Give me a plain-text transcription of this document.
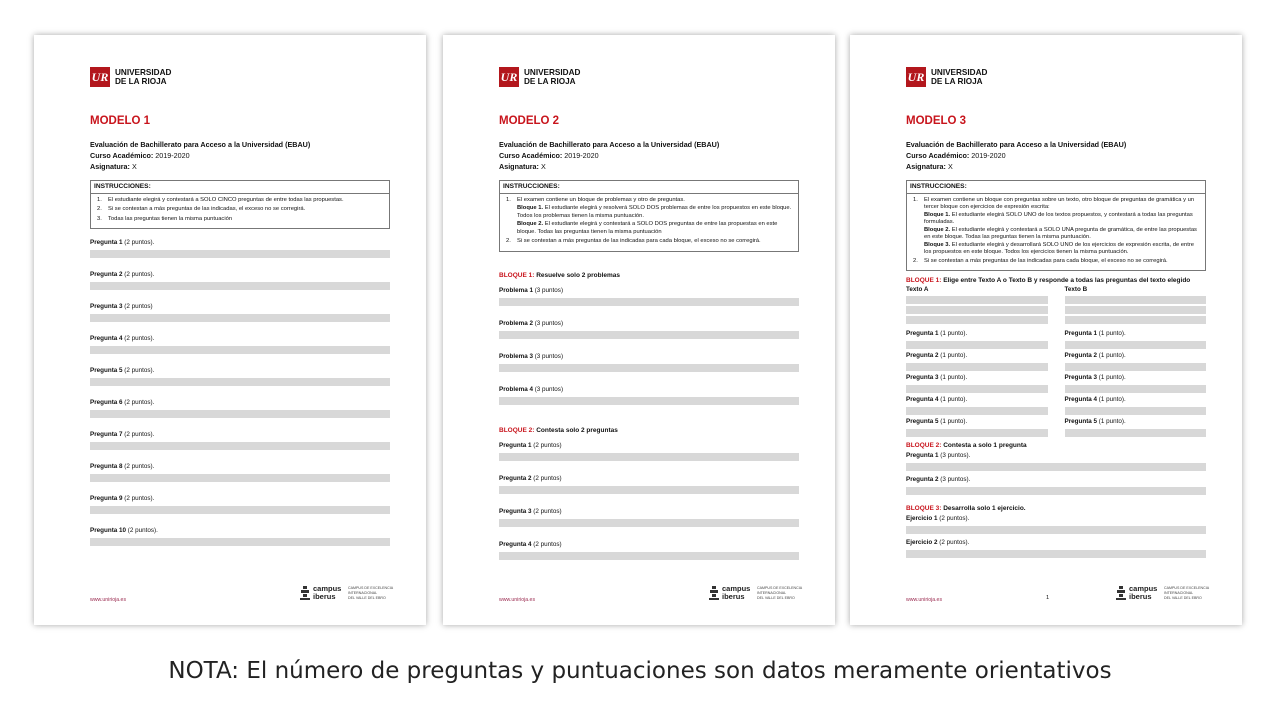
UR UNIVERSIDAD
DE LA RIOJA
MODELO 1
Evaluación de Bachillerato para Acceso a la Universidad (EBAU)
Curso Académico: 2019-2020
Asignatura: X
INSTRUCCIONES:
1. El estudiante elegirá y contestará a SOLO CINCO preguntas de entre todas las propuestas.
2. Si se contestan a más preguntas de las indicadas, el exceso no se corregirá.
3. Todas las preguntas tienen la misma puntuación
Pregunta 1 (2 puntos).
Pregunta 2 (2 puntos).
Pregunta 3 (2 puntos)
Pregunta 4 (2 puntos).
Pregunta 5 (2 puntos).
Pregunta 6 (2 puntos).
Pregunta 7 (2 puntos).
Pregunta 8 (2 puntos).
Pregunta 9 (2 puntos).
Pregunta 10 (2 puntos).
www.unirioja.es
campus
iberus
CAMPUS DE EXCELENCIA
INTERNACIONAL
DEL VALLE DEL EBRO
UR UNIVERSIDAD
DE LA RIOJA
MODELO 2
Evaluación de Bachillerato para Acceso a la Universidad (EBAU)
Curso Académico: 2019-2020
Asignatura: X
INSTRUCCIONES:
1. El examen contiene un bloque de problemas y otro de preguntas.
Bloque 1. El estudiante elegirá y resolverá SOLO DOS problemas de entre los propuestos en este bloque. Todos los problemas tienen la misma puntuación.
Bloque 2. El estudiante elegirá y contestará a SOLO DOS preguntas de entre las propuestas en este bloque. Todas las preguntas tienen la misma puntuación
2. Si se contestan a más preguntas de las indicadas para cada bloque, el exceso no se corregirá.
BLOQUE 1: Resuelve solo 2 problemas
Problema 1 (3 puntos)
Problema 2 (3 puntos)
Problema 3 (3 puntos)
Problema 4 (3 puntos)
BLOQUE 2: Contesta solo 2 preguntas
Pregunta 1 (2 puntos)
Pregunta 2 (2 puntos)
Pregunta 3 (2 puntos)
Pregunta 4 (2 puntos)
www.unirioja.es
campus
iberus
CAMPUS DE EXCELENCIA
INTERNACIONAL
DEL VALLE DEL EBRO
UR UNIVERSIDAD
DE LA RIOJA
MODELO 3
Evaluación de Bachillerato para Acceso a la Universidad (EBAU)
Curso Académico: 2019-2020
Asignatura: X
INSTRUCCIONES:
1. El examen contiene un bloque con preguntas sobre un texto, otro bloque de preguntas de gramática y un tercer bloque con ejercicios de expresión escrita:
Bloque 1. El estudiante elegirá SOLO UNO de los textos propuestos, y contestará a todas las preguntas formuladas.
Bloque 2. El estudiante elegirá y contestará a SOLO UNA pregunta de gramática, de entre las propuestas en este bloque. Todas las preguntas tienen la misma puntuación.
Bloque 3. El estudiante elegirá y desarrollará SOLO UNO de los ejercicios de expresión escrita, de entre los propuestos en este bloque. Todos los ejercicios tienen la misma puntuación.
2. Si se contestan a más preguntas de las indicadas para cada bloque, el exceso no se corregirá.
BLOQUE 1: Elige entre Texto A o Texto B y responde a todas las preguntas del texto elegido
Texto A
Pregunta 1 (1 punto).
Pregunta 2 (1 punto).
Pregunta 3 (1 punto).
Pregunta 4 (1 punto).
Pregunta 5 (1 punto).
Texto B
Pregunta 1 (1 punto).
Pregunta 2 (1 punto).
Pregunta 3 (1 punto).
Pregunta 4 (1 punto).
Pregunta 5 (1 punto).
BLOQUE 2: Contesta a solo 1 pregunta
Pregunta 1 (3 puntos).
Pregunta 2 (3 puntos).
BLOQUE 3: Desarrolla solo 1 ejercicio.
Ejercicio 1 (2 puntos).
Ejercicio 2 (2 puntos).
www.unirioja.es	1
campus
iberus
CAMPUS DE EXCELENCIA
INTERNACIONAL
DEL VALLE DEL EBRO
NOTA: El número de preguntas y puntuaciones son datos meramente orientativos
